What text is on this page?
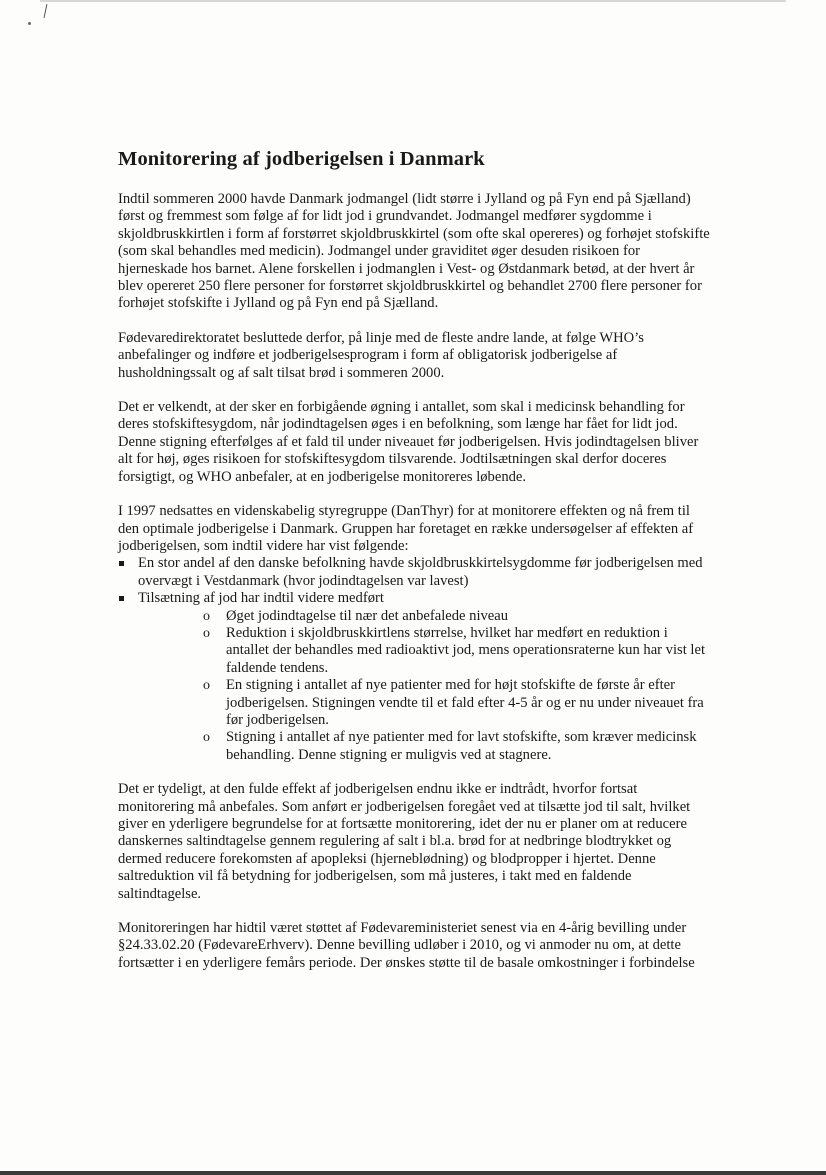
Monitorering af jodberigelsen i Danmark

Indtil sommeren 2000 havde Danmark jodmangel (lidt større i Jylland og på Fyn end på Sjælland) først og fremmest som følge af for lidt jod i grundvandet. Jodmangel medfører sygdomme i skjoldbruskkirtlen i form af forstørret skjoldbruskkirtel (som ofte skal opereres) og forhøjet stofskifte (som skal behandles med medicin). Jodmangel under graviditet øger desuden risikoen for hjerneskade hos barnet. Alene forskellen i jodmanglen i Vest- og Østdanmark betød, at der hvert år blev opereret 250 flere personer for forstørret skjoldbruskkirtel og behandlet 2700 flere personer for forhøjet stofskifte i Jylland og på Fyn end på Sjælland.

Fødevaredirektoratet besluttede derfor, på linje med de fleste andre lande, at følge WHO’s anbefalinger og indføre et jodberigelsesprogram i form af obligatorisk jodberigelse af husholdningssalt og af salt tilsat brød i sommeren 2000.

Det er velkendt, at der sker en forbigående øgning i antallet, som skal i medicinsk behandling for deres stofskiftesygdom, når jodindtagelsen øges i en befolkning, som længe har fået for lidt jod. Denne stigning efterfølges af et fald til under niveauet før jodberigelsen. Hvis jodindtagelsen bliver alt for høj, øges risikoen for stofskiftesygdom tilsvarende. Jodtilsætningen skal derfor doceres forsigtigt, og WHO anbefaler, at en jodberigelse monitoreres løbende.

I 1997 nedsattes en videnskabelig styregruppe (DanThyr) for at monitorere effekten og nå frem til den optimale jodberigelse i Danmark. Gruppen har foretaget en række undersøgelser af effekten af jodberigelsen, som indtil videre har vist følgende:

En stor andel af den danske befolkning havde skjoldbruskkirtelsygdomme før jodberigelsen med overvægt i Vestdanmark (hvor jodindtagelsen var lavest)
Tilsætning af jod har indtil videre medført
o Øget jodindtagelse til nær det anbefalede niveau
o Reduktion i skjoldbruskkirtlens størrelse, hvilket har medført en reduktion i antallet der behandles med radioaktivt jod, mens operationsraterne kun har vist let faldende tendens.
o En stigning i antallet af nye patienter med for højt stofskifte de første år efter jodberigelsen. Stigningen vendte til et fald efter 4-5 år og er nu under niveauet fra før jodberigelsen.
o Stigning i antallet af nye patienter med for lavt stofskifte, som kræver medicinsk behandling. Denne stigning er muligvis ved at stagnere.

Det er tydeligt, at den fulde effekt af jodberigelsen endnu ikke er indtrådt, hvorfor fortsat monitorering må anbefales. Som anført er jodberigelsen foregået ved at tilsætte jod til salt, hvilket giver en yderligere begrundelse for at fortsætte monitorering, idet der nu er planer om at reducere danskernes saltindtagelse gennem regulering af salt i bl.a. brød for at nedbringe blodtrykket og dermed reducere forekomsten af apopleksi (hjerneblødning) og blodpropper i hjertet. Denne saltreduktion vil få betydning for jodberigelsen, som må justeres, i takt med en faldende saltindtagelse.

Monitoreringen har hidtil været støttet af Fødevareministeriet senest via en 4-årig bevilling under §24.33.02.20 (FødevareErhverv). Denne bevilling udløber i 2010, og vi anmoder nu om, at dette fortsætter i en yderligere femårs periode. Der ønskes støtte til de basale omkostninger i forbindelse
